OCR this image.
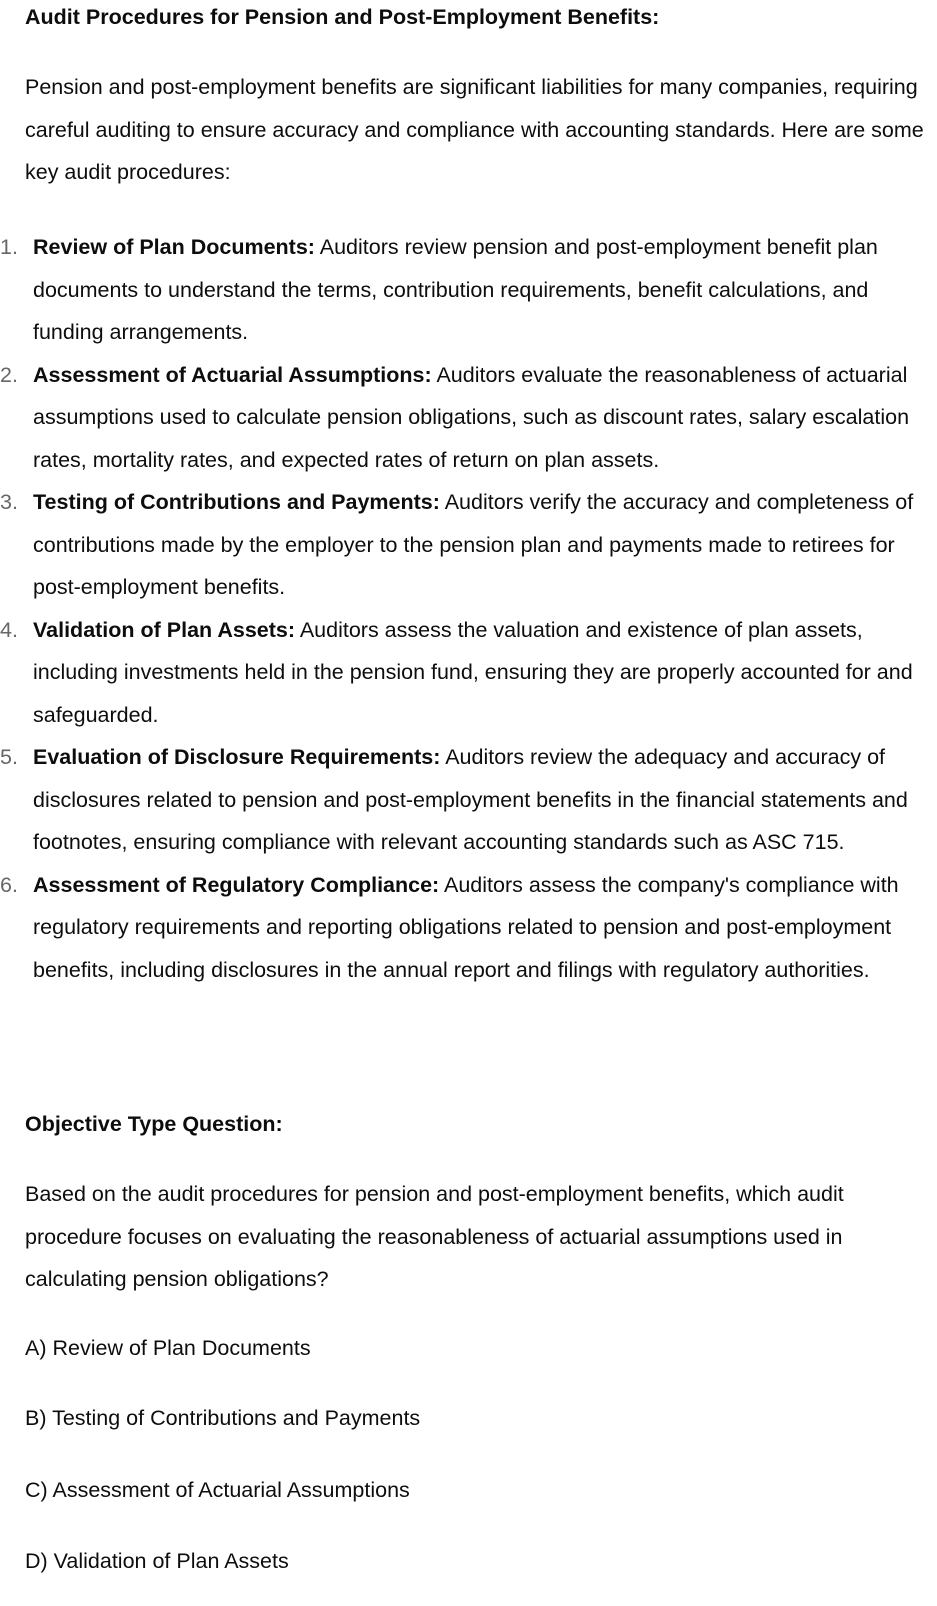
Audit Procedures for Pension and Post-Employment Benefits:

Pension and post-employment benefits are significant liabilities for many companies, requiring careful auditing to ensure accuracy and compliance with accounting standards. Here are some key audit procedures:

1. Review of Plan Documents: Auditors review pension and post-employment benefit plan documents to understand the terms, contribution requirements, benefit calculations, and funding arrangements.
2. Assessment of Actuarial Assumptions: Auditors evaluate the reasonableness of actuarial assumptions used to calculate pension obligations, such as discount rates, salary escalation rates, mortality rates, and expected rates of return on plan assets.
3. Testing of Contributions and Payments: Auditors verify the accuracy and completeness of contributions made by the employer to the pension plan and payments made to retirees for post-employment benefits.
4. Validation of Plan Assets: Auditors assess the valuation and existence of plan assets, including investments held in the pension fund, ensuring they are properly accounted for and safeguarded.
5. Evaluation of Disclosure Requirements: Auditors review the adequacy and accuracy of disclosures related to pension and post-employment benefits in the financial statements and footnotes, ensuring compliance with relevant accounting standards such as ASC 715.
6. Assessment of Regulatory Compliance: Auditors assess the company's compliance with regulatory requirements and reporting obligations related to pension and post-employment benefits, including disclosures in the annual report and filings with regulatory authorities.

Objective Type Question:

Based on the audit procedures for pension and post-employment benefits, which audit procedure focuses on evaluating the reasonableness of actuarial assumptions used in calculating pension obligations?

A) Review of Plan Documents

B) Testing of Contributions and Payments

C) Assessment of Actuarial Assumptions

D) Validation of Plan Assets
